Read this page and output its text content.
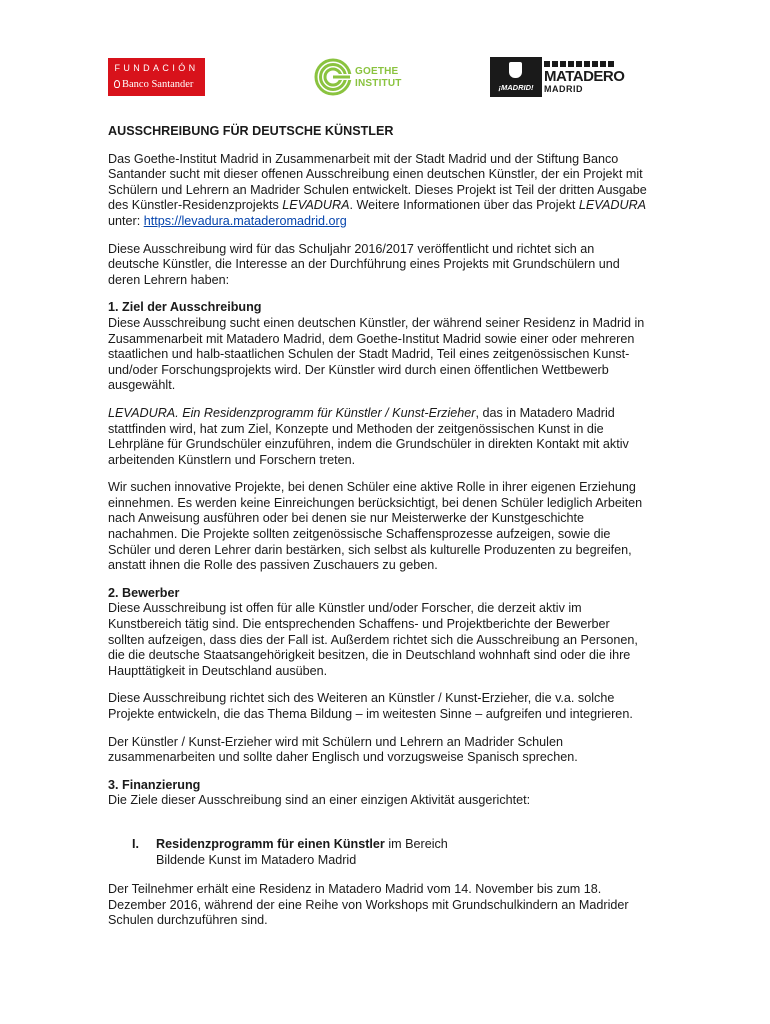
FUNDACIÓN
Banco Santander
GOETHE
INSTITUT	¡MADRID!
MATADERO
MADRID
AUSSCHREIBUNG FÜR DEUTSCHE KÜNSTLER

Das Goethe-Institut Madrid in Zusammenarbeit mit der Stadt Madrid und der Stiftung Banco Santander sucht mit dieser offenen Ausschreibung einen deutschen Künstler, der ein Projekt mit Schülern und Lehrern an Madrider Schulen entwickelt. Dieses Projekt ist Teil der dritten Ausgabe des Künstler-Residenzprojekts LEVADURA. Weitere Informationen über das Projekt LEVADURA unter: https://levadura.mataderomadrid.org

Diese Ausschreibung wird für das Schuljahr 2016/2017 veröffentlicht und richtet sich an deutsche Künstler, die Interesse an der Durchführung eines Projekts mit Grundschülern und deren Lehrern haben:

1. Ziel der Ausschreibung

Diese Ausschreibung sucht einen deutschen Künstler, der während seiner Residenz in Madrid in Zusammenarbeit mit Matadero Madrid, dem Goethe-Institut Madrid sowie einer oder mehreren staatlichen und halb-staatlichen Schulen der Stadt Madrid, Teil eines zeitgenössischen Kunst- und/oder Forschungsprojekts wird. Der Künstler wird durch einen öffentlichen Wettbewerb ausgewählt.

LEVADURA. Ein Residenzprogramm für Künstler / Kunst-Erzieher, das in Matadero Madrid stattfinden wird, hat zum Ziel, Konzepte und Methoden der zeitgenössischen Kunst in die Lehrpläne für Grundschüler einzuführen, indem die Grundschüler in direkten Kontakt mit aktiv arbeitenden Künstlern und Forschern treten.

Wir suchen innovative Projekte, bei denen Schüler eine aktive Rolle in ihrer eigenen Erziehung einnehmen. Es werden keine Einreichungen berücksichtigt, bei denen Schüler lediglich Arbeiten nach Anweisung ausführen oder bei denen sie nur Meisterwerke der Kunstgeschichte nachahmen. Die Projekte sollten zeitgenössische Schaffensprozesse aufzeigen, sowie die Schüler und deren Lehrer darin bestärken, sich selbst als kulturelle Produzenten zu begreifen, anstatt ihnen die Rolle des passiven Zuschauers zu geben.

2. Bewerber

Diese Ausschreibung ist offen für alle Künstler und/oder Forscher, die derzeit aktiv im Kunstbereich tätig sind. Die entsprechenden Schaffens- und Projektberichte der Bewerber sollten aufzeigen, dass dies der Fall ist. Außerdem richtet sich die Ausschreibung an Personen, die die deutsche Staatsangehörigkeit besitzen, die in Deutschland wohnhaft sind oder die ihre Haupttätigkeit in Deutschland ausüben.

Diese Ausschreibung richtet sich des Weiteren an Künstler / Kunst-Erzieher, die v.a. solche Projekte entwickeln, die das Thema Bildung – im weitesten Sinne – aufgreifen und integrieren.

Der Künstler / Kunst-Erzieher wird mit Schülern und Lehrern an Madrider Schulen zusammenarbeiten und sollte daher Englisch und vorzugsweise Spanisch sprechen.

3. Finanzierung

Die Ziele dieser Ausschreibung sind an einer einzigen Aktivität ausgerichtet:

I. Residenzprogramm für einen Künstler im Bereich

Bildende Kunst im Matadero Madrid

Der Teilnehmer erhält eine Residenz in Matadero Madrid vom 14. November bis zum 18. Dezember 2016, während der eine Reihe von Workshops mit Grundschulkindern an Madrider Schulen durchzuführen sind.
